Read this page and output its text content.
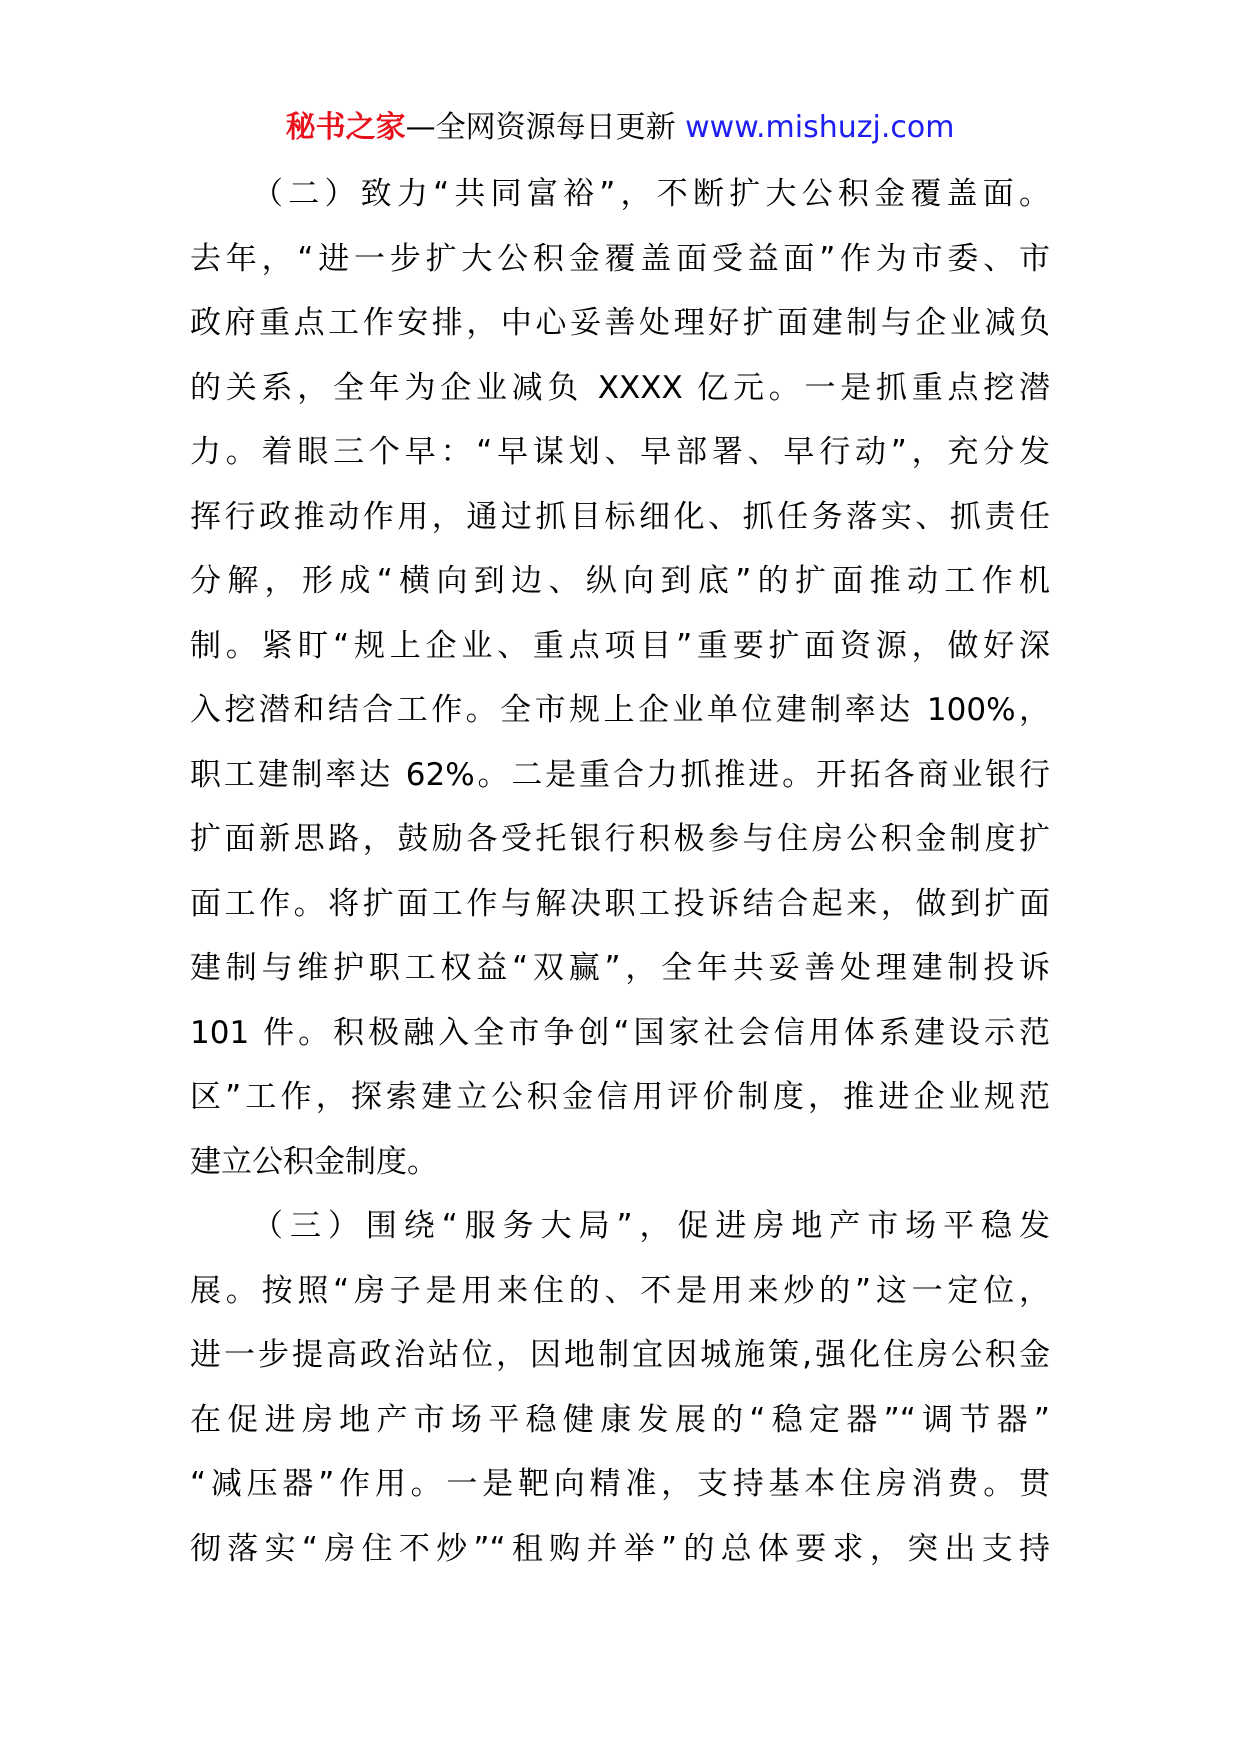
秘书之家—全网资源每日更新 www.mishuzj.com
（二）致力“共同富裕”，不断扩大公积金覆盖面。
去年，“进一步扩大公积金覆盖面受益面”作为市委、市
政府重点工作安排，中心妥善处理好扩面建制与企业减负
的关系，全年为企业减负 XXXX 亿元。一是抓重点挖潜
力。着眼三个早：“早谋划、早部署、早行动”，充分发
挥行政推动作用，通过抓目标细化、抓任务落实、抓责任
分解，形成“横向到边、纵向到底”的扩面推动工作机
制。紧盯“规上企业、重点项目”重要扩面资源，做好深
入挖潜和结合工作。全市规上企业单位建制率达 100%，
职工建制率达 62%。二是重合力抓推进。开拓各商业银行
扩面新思路，鼓励各受托银行积极参与住房公积金制度扩
面工作。将扩面工作与解决职工投诉结合起来，做到扩面
建制与维护职工权益“双赢”，全年共妥善处理建制投诉
101 件。积极融入全市争创“国家社会信用体系建设示范
区”工作，探索建立公积金信用评价制度，推进企业规范
建立公积金制度。
（三）围绕“服务大局”，促进房地产市场平稳发
展。按照“房子是用来住的、不是用来炒的”这一定位，
进一步提高政治站位，因地制宜因城施策,强化住房公积金
在促进房地产市场平稳健康发展的“稳定器”“调节器”
“减压器”作用。一是靶向精准，支持基本住房消费。贯
彻落实“房住不炒”“租购并举”的总体要求，突出支持
